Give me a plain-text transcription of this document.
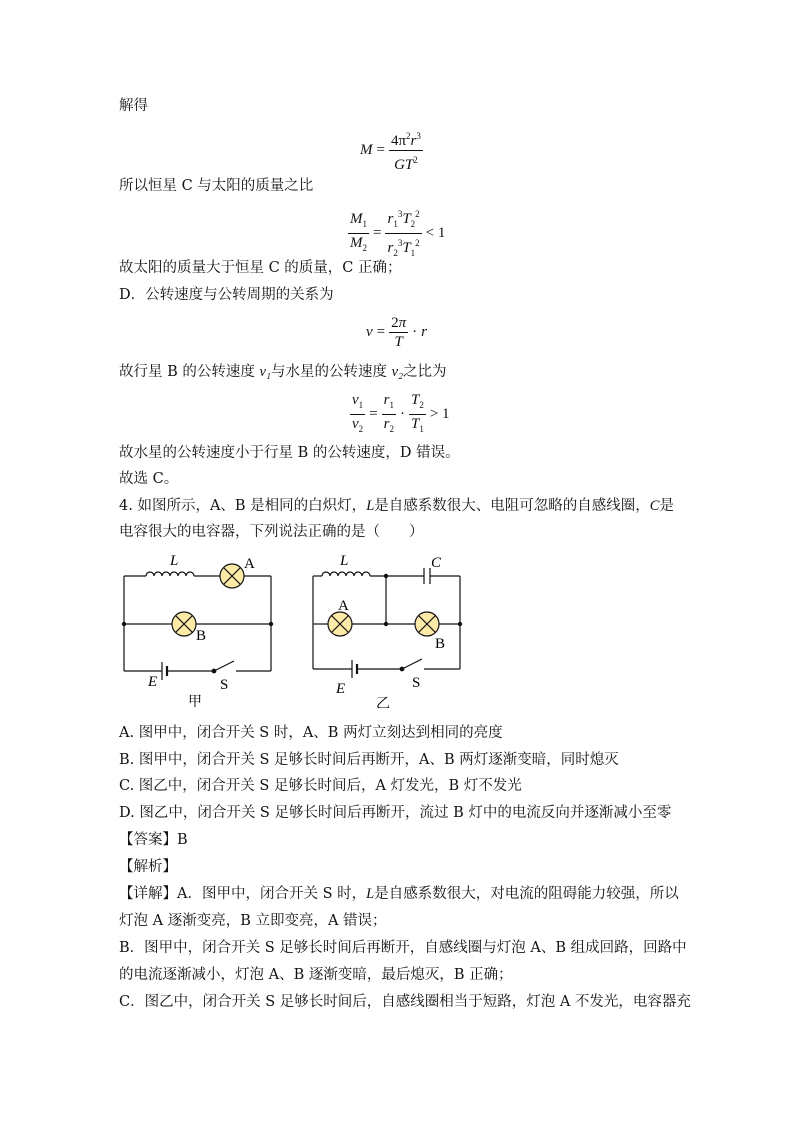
解得
$M = \frac{4\pi^2r^3}{GT^2}$
所以恒星 C 与太阳的质量之比
$\frac{M_1}{M_2} = \frac{r_1^3T_2^2}{r_2^3T_1^2} < 1$
故太阳的质量大于恒星 C 的质量，C 正确；
D．公转速度与公转周期的关系为
$v = \frac{2\pi}{T} \cdot r$
故行星 B 的公转速度 v₁与水星的公转速度 v₂之比为
$\frac{v_1}{v_2} = \frac{r_1}{r_2} \cdot \frac{T_2}{T_1} > 1$
故水星的公转速度小于行星 B 的公转速度，D 错误。
故选 C。
4. 如图所示，A、B 是相同的白炽灯，L是自感系数很大、电阻可忽略的自感线圈，C是
电容很大的电容器，下列说法正确的是（　　）
L	A
B
E	S
甲
L	C
A
B
E	S
乙
A. 图甲中，闭合开关 S 时，A、B 两灯立刻达到相同的亮度
B. 图甲中，闭合开关 S 足够长时间后再断开，A、B 两灯逐渐变暗，同时熄灭
C. 图乙中，闭合开关 S 足够长时间后，A 灯发光，B 灯不发光
D. 图乙中，闭合开关 S 足够长时间后再断开，流过 B 灯中的电流反向并逐渐减小至零
【答案】B
【解析】
【详解】A．图甲中，闭合开关 S 时，L是自感系数很大，对电流的阻碍能力较强，所以
灯泡 A 逐渐变亮，B 立即变亮，A 错误；
B．图甲中，闭合开关 S 足够长时间后再断开，自感线圈与灯泡 A、B 组成回路，回路中
的电流逐渐减小，灯泡 A、B 逐渐变暗，最后熄灭，B 正确；
C．图乙中，闭合开关 S 足够长时间后，自感线圈相当于短路，灯泡 A 不发光，电容器充
